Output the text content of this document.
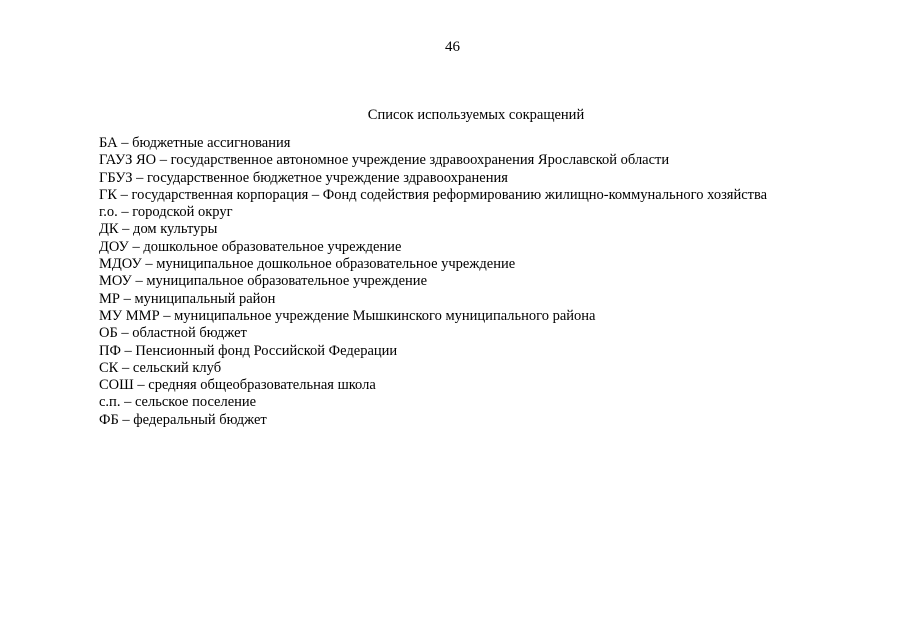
46
Список используемых сокращений
БА – бюджетные ассигнования
ГАУЗ ЯО – государственное автономное учреждение здравоохранения Ярославской области
ГБУЗ – государственное бюджетное учреждение здравоохранения
ГК – государственная корпорация – Фонд содействия реформированию жилищно-коммунального хозяйства
г.о. – городской округ
ДК – дом культуры
ДОУ – дошкольное образовательное учреждение
МДОУ – муниципальное дошкольное образовательное учреждение
МОУ – муниципальное образовательное учреждение
МР – муниципальный район
МУ ММР – муниципальное учреждение Мышкинского муниципального района
ОБ – областной бюджет
ПФ – Пенсионный фонд Российской Федерации
СК – сельский клуб
СОШ – средняя общеобразовательная школа
с.п. – сельское поселение
ФБ – федеральный бюджет
